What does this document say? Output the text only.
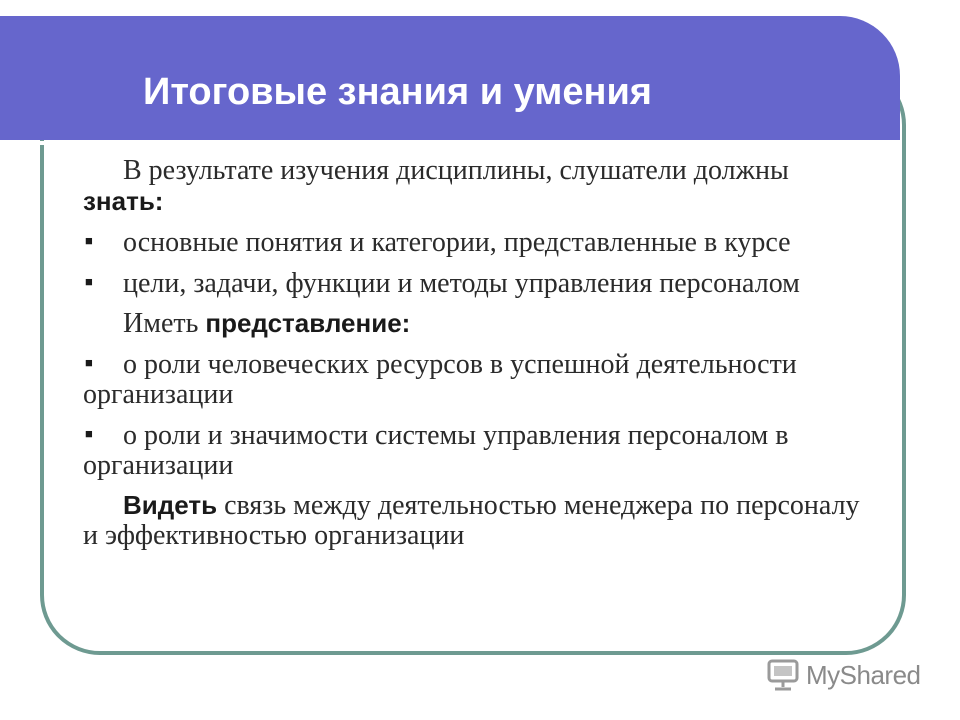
Итоговые знания и умения

В результате изучения дисциплины, слушатели должны знать:

■ основные понятия и категории, представленные в курсе

■ цели, задачи, функции и методы управления персоналом

Иметь представление:

■ о роли человеческих ресурсов в успешной деятельности организации

■ о роли и значимости системы управления персоналом в организации

Видеть связь между деятельностью менеджера по персоналу и эффективностью организации

MyShared
